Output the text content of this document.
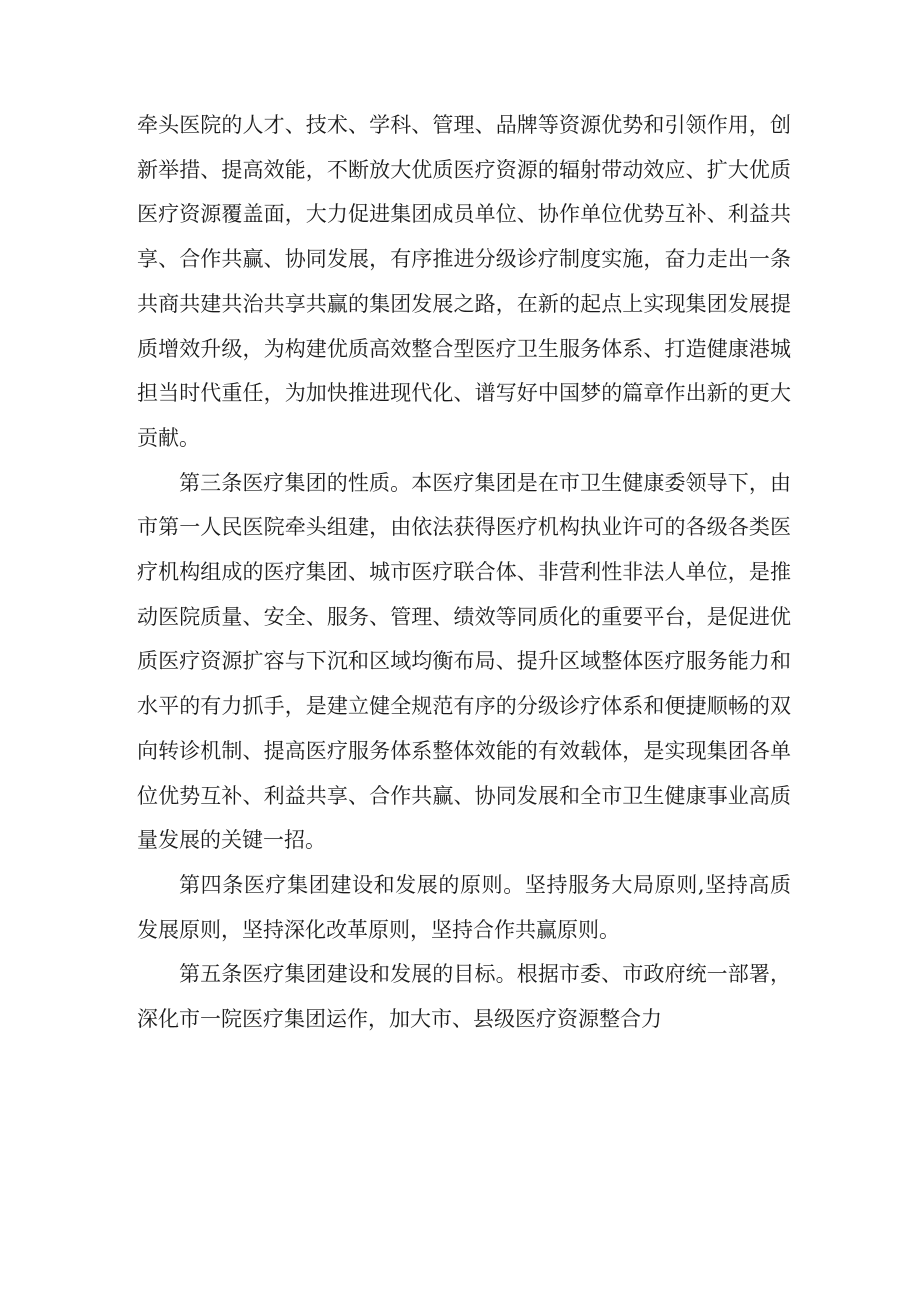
牵头医院的人才、技术、学科、管理、品牌等资源优势和引领作用，创新举措、提高效能，不断放大优质医疗资源的辐射带动效应、扩大优质医疗资源覆盖面，大力促进集团成员单位、协作单位优势互补、利益共享、合作共赢、协同发展，有序推进分级诊疗制度实施，奋力走出一条共商共建共治共享共赢的集团发展之路，在新的起点上实现集团发展提质增效升级，为构建优质高效整合型医疗卫生服务体系、打造健康港城担当时代重任，为加快推进现代化、谱写好中国梦的篇章作出新的更大贡献。

第三条医疗集团的性质。本医疗集团是在市卫生健康委领导下，由市第一人民医院牵头组建，由依法获得医疗机构执业许可的各级各类医疗机构组成的医疗集团、城市医疗联合体、非营利性非法人单位，是推动医院质量、安全、服务、管理、绩效等同质化的重要平台，是促进优质医疗资源扩容与下沉和区域均衡布局、提升区域整体医疗服务能力和水平的有力抓手，是建立健全规范有序的分级诊疗体系和便捷顺畅的双向转诊机制、提高医疗服务体系整体效能的有效载体，是实现集团各单位优势互补、利益共享、合作共赢、协同发展和全市卫生健康事业高质量发展的关键一招。

第四条医疗集团建设和发展的原则。坚持服务大局原则,坚持高质发展原则，坚持深化改革原则，坚持合作共赢原则。

第五条医疗集团建设和发展的目标。根据市委、市政府统一部署，深化市一院医疗集团运作，加大市、县级医疗资源整合力
